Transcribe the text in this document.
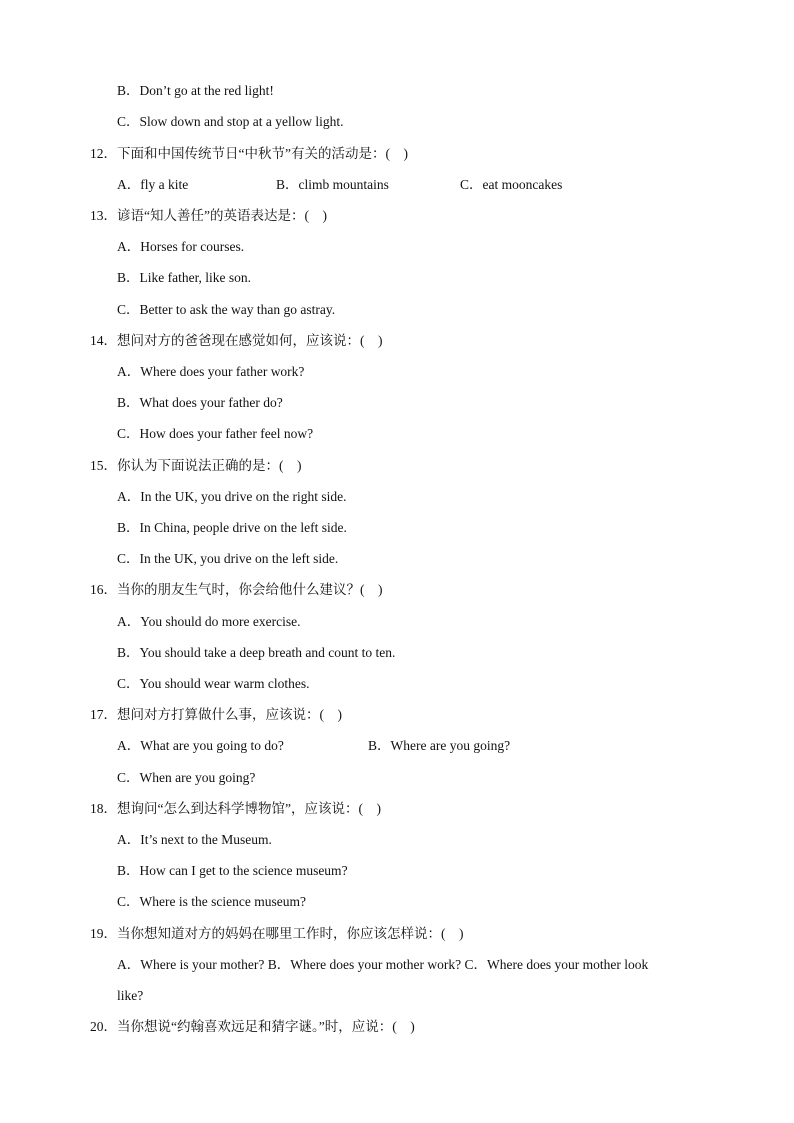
B．Don’t go at the red light!
C．Slow down and stop at a yellow light.
12．下面和中国传统节日“中秋节”有关的活动是：(　)
A．fly a kite	B．climb mountains	C．eat mooncakes
13．谚语“知人善任”的英语表达是：(　)
A．Horses for courses.
B．Like father, like son.
C．Better to ask the way than go astray.
14．想问对方的爸爸现在感觉如何，应该说：(　)
A．Where does your father work?
B．What does your father do?
C．How does your father feel now?
15．你认为下面说法正确的是：(　)
A．In the UK, you drive on the right side.
B．In China, people drive on the left side.
C．In the UK, you drive on the left side.
16．当你的朋友生气时，你会给他什么建议？(　)
A．You should do more exercise.
B．You should take a deep breath and count to ten.
C．You should wear warm clothes.
17．想问对方打算做什么事，应该说：(　)
A．What are you going to do?	B．Where are you going?
C．When are you going?
18．想询问“怎么到达科学博物馆”，应该说：(　)
A．It’s next to the Museum.
B．How can I get to the science museum?
C．Where is the science museum?
19．当你想知道对方的妈妈在哪里工作时，你应该怎样说：(　)
A．Where is your mother? B．Where does your mother work? C．Where does your mother look
like?
20．当你想说“约翰喜欢远足和猜字谜。”时，应说：(　)
